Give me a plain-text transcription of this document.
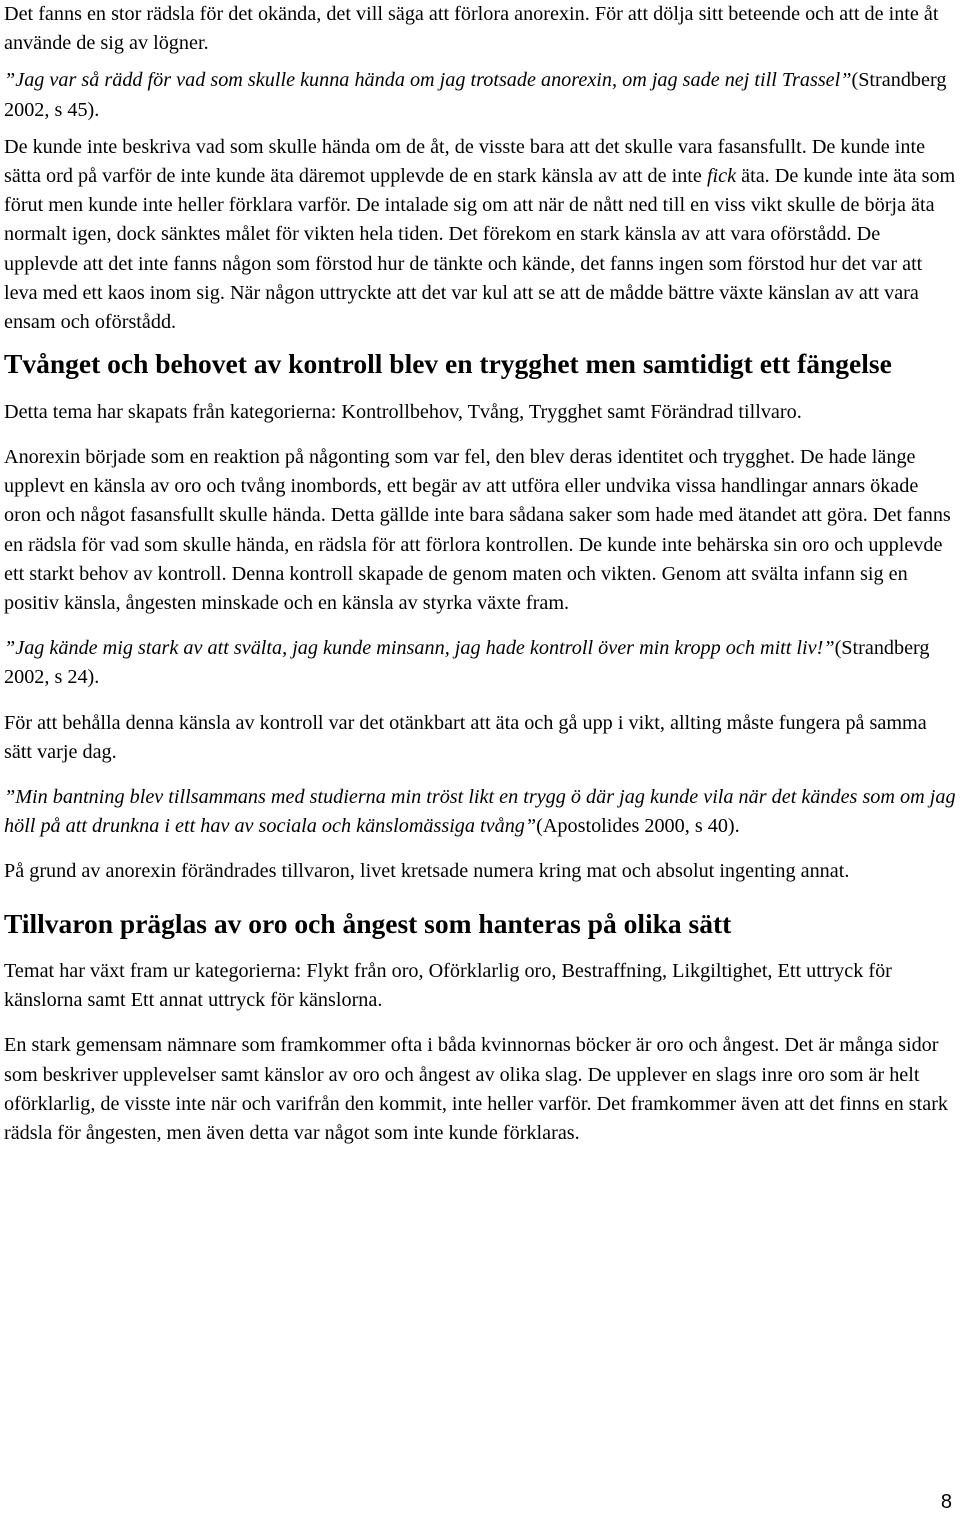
Det fanns en stor rädsla för det okända, det vill säga att förlora anorexin. För att dölja sitt beteende och att de inte åt använde de sig av lögner.

”Jag var så rädd för vad som skulle kunna hända om jag trotsade anorexin, om jag sade nej till Trassel”(Strandberg 2002, s 45).

De kunde inte beskriva vad som skulle hända om de åt, de visste bara att det skulle vara fasansfullt. De kunde inte sätta ord på varför de inte kunde äta däremot upplevde de en stark känsla av att de inte fick äta. De kunde inte äta som förut men kunde inte heller förklara varför. De intalade sig om att när de nått ned till en viss vikt skulle de börja äta normalt igen, dock sänktes målet för vikten hela tiden. Det förekom en stark känsla av att vara oförstådd. De upplevde att det inte fanns någon som förstod hur de tänkte och kände, det fanns ingen som förstod hur det var att leva med ett kaos inom sig. När någon uttryckte att det var kul att se att de mådde bättre växte känslan av att vara ensam och oförstådd.

Tvånget och behovet av kontroll blev en trygghet men samtidigt ett fängelse

Detta tema har skapats från kategorierna: Kontrollbehov, Tvång, Trygghet samt Förändrad tillvaro.

Anorexin började som en reaktion på någonting som var fel, den blev deras identitet och trygghet. De hade länge upplevt en känsla av oro och tvång inombords, ett begär av att utföra eller undvika vissa handlingar annars ökade oron och något fasansfullt skulle hända. Detta gällde inte bara sådana saker som hade med ätandet att göra. Det fanns en rädsla för vad som skulle hända, en rädsla för att förlora kontrollen. De kunde inte behärska sin oro och upplevde ett starkt behov av kontroll. Denna kontroll skapade de genom maten och vikten. Genom att svälta infann sig en positiv känsla, ångesten minskade och en känsla av styrka växte fram.

”Jag kände mig stark av att svälta, jag kunde minsann, jag hade kontroll över min kropp och mitt liv!”(Strandberg 2002, s 24).

För att behålla denna känsla av kontroll var det otänkbart att äta och gå upp i vikt, allting måste fungera på samma sätt varje dag.

”Min bantning blev tillsammans med studierna min tröst likt en trygg ö där jag kunde vila när det kändes som om jag höll på att drunkna i ett hav av sociala och känslomässiga tvång”(Apostolides 2000, s 40).

På grund av anorexin förändrades tillvaron, livet kretsade numera kring mat och absolut ingenting annat.

Tillvaron präglas av oro och ångest som hanteras på olika sätt

Temat har växt fram ur kategorierna: Flykt från oro, Oförklarlig oro, Bestraffning, Likgiltighet, Ett uttryck för känslorna samt Ett annat uttryck för känslorna.

En stark gemensam nämnare som framkommer ofta i båda kvinnornas böcker är oro och ångest. Det är många sidor som beskriver upplevelser samt känslor av oro och ångest av olika slag. De upplever en slags inre oro som är helt oförklarlig, de visste inte när och varifrån den kommit, inte heller varför. Det framkommer även att det finns en stark rädsla för ångesten, men även detta var något som inte kunde förklaras.

8
